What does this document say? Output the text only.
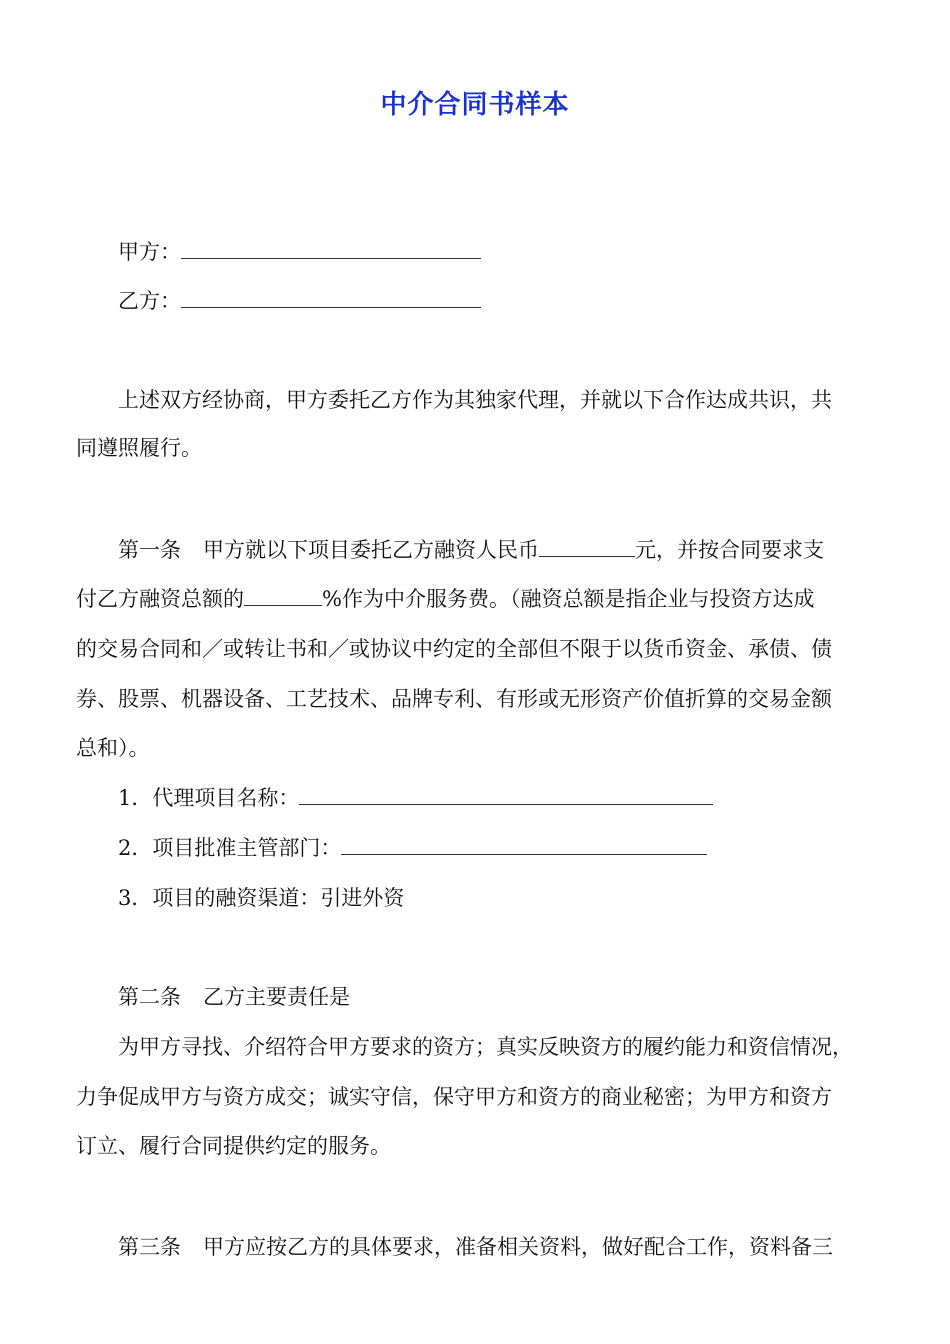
中介合同书样本
甲方：
乙方：
上述双方经协商，甲方委托乙方作为其独家代理，并就以下合作达成共识，共
同遵照履行。
第一条 甲方就以下项目委托乙方融资人民币	元，并按合同要求支
付乙方融资总额的	%作为中介服务费。（融资总额是指企业与投资方达成
的交易合同和／或转让书和／或协议中约定的全部但不限于以货币资金、承债、债
券、股票、机器设备、工艺技术、品牌专利、有形或无形资产价值折算的交易金额
总和）。
1．代理项目名称：
2．项目批准主管部门：
3．项目的融资渠道：引进外资
第二条 乙方主要责任是
为甲方寻找、介绍符合甲方要求的资方；真实反映资方的履约能力和资信情况，
力争促成甲方与资方成交；诚实守信，保守甲方和资方的商业秘密；为甲方和资方
订立、履行合同提供约定的服务。
第三条 甲方应按乙方的具体要求，准备相关资料，做好配合工作，资料备三
